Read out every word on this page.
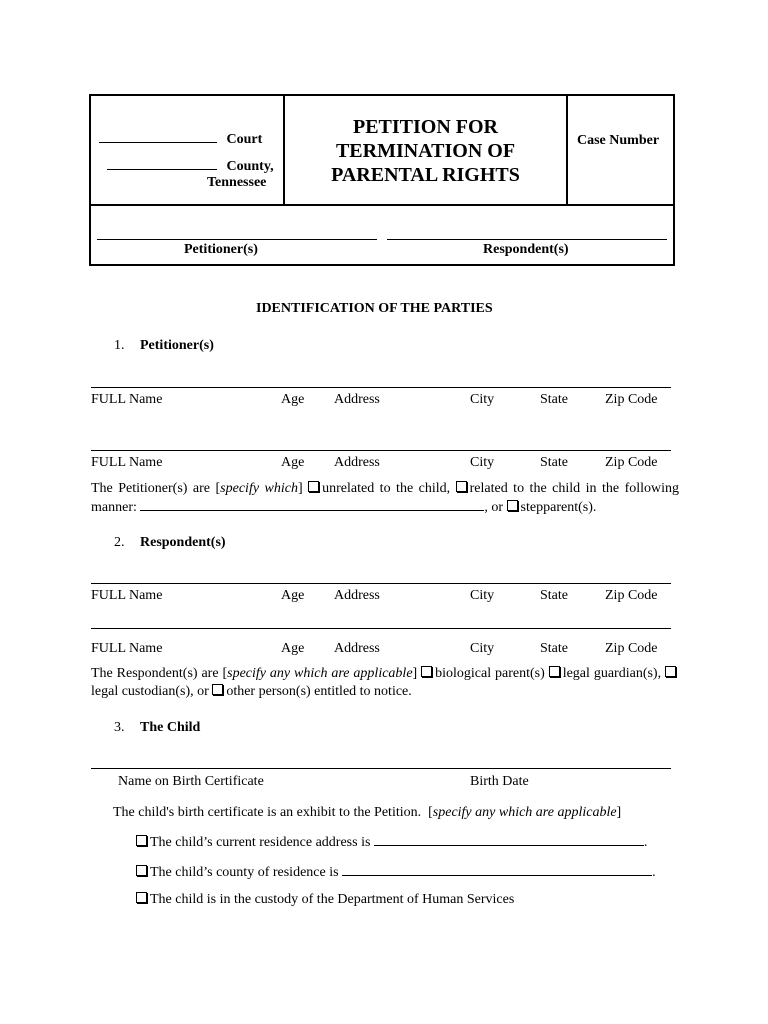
Court
County,
Tennessee
PETITION FOR
TERMINATION OF
PARENTAL RIGHTS
Case Number
Petitioner(s)	Respondent(s)
IDENTIFICATION OF THE PARTIES
1. Petitioner(s)
FULL Name	Age Address	City	State	Zip Code
FULL Name	Age Address	City	State	Zip Code
The Petitioner(s) are [specify which] unrelated to the child, related to the child in the following manner:	, or stepparent(s).
2. Respondent(s)
FULL Name	Age Address	City	State	Zip Code
FULL Name	Age Address	City	State	Zip Code
The Respondent(s) are [specify any which are applicable] biological parent(s) legal guardian(s), legal custodian(s), or other person(s) entitled to notice.
3. The Child
Name on Birth Certificate	Birth Date
The child's birth certificate is an exhibit to the Petition.  [specify any which are applicable]
The child’s current residence address is	.
The child’s county of residence is	.
The child is in the custody of the Department of Human Services
